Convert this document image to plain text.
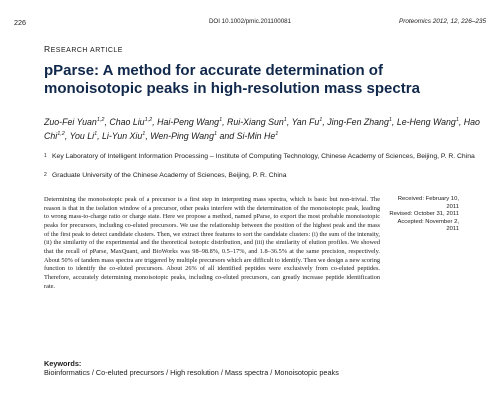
226	DOI 10.1002/pmic.201100081	Proteomics 2012, 12, 226–235
RESEARCH ARTICLE
pParse: A method for accurate determination of monoisotopic peaks in high-resolution mass spectra
Zuo-Fei Yuan$^{1,2}$, Chao Liu$^{1,2}$, Hai-Peng Wang$^1$, Rui-Xiang Sun$^1$, Yan Fu$^1$, Jing-Fen Zhang$^1$, Le-Heng Wang$^1$, Hao Chi$^{1,2}$, You Li$^1$, Li-Yun Xiu$^1$, Wen-Ping Wang$^1$ and Si-Min He$^1$
1 Key Laboratory of Intelligent Information Processing – Institute of Computing Technology, Chinese Academy of Sciences, Beijing, P. R. China
2 Graduate University of the Chinese Academy of Sciences, Beijing, P. R. China
Determining the monoisotopic peak of a precursor is a first step in interpreting mass spectra, which is basic but non-trivial. The reason is that in the isolation window of a precursor, other peaks interfere with the determination of the monoisotopic peak, leading to wrong mass-to-charge ratio or charge state. Here we propose a method, named pParse, to export the most probable monoisotopic peaks for precursors, including co-eluted precursors. We use the relationship between the position of the highest peak and the mass of the first peak to detect candidate clusters. Then, we extract three features to sort the candidate clusters: (i) the sum of the intensity, (ii) the similarity of the experimental and the theoretical isotopic distribution, and (iii) the similarity of elution profiles. We showed that the recall of pParse, MaxQuant, and BioWorks was 98–98.8%, 0.5–17%, and 1.8–36.5% at the same precision, respectively. About 50% of tandem mass spectra are triggered by multiple precursors which are difficult to identify. Then we design a new scoring function to identify the co-eluted precursors. About 26% of all identified peptides were exclusively from co-eluted peptides. Therefore, accurately determining monoisotopic peaks, including co-eluted precursors, can greatly increase peptide identification rate.
Received: February 10, 2011
Revised: October 31, 2011
Accepted: November 2, 2011
Keywords:
Bioinformatics / Co-eluted precursors / High resolution / Mass spectra / Monoisotopic peaks
